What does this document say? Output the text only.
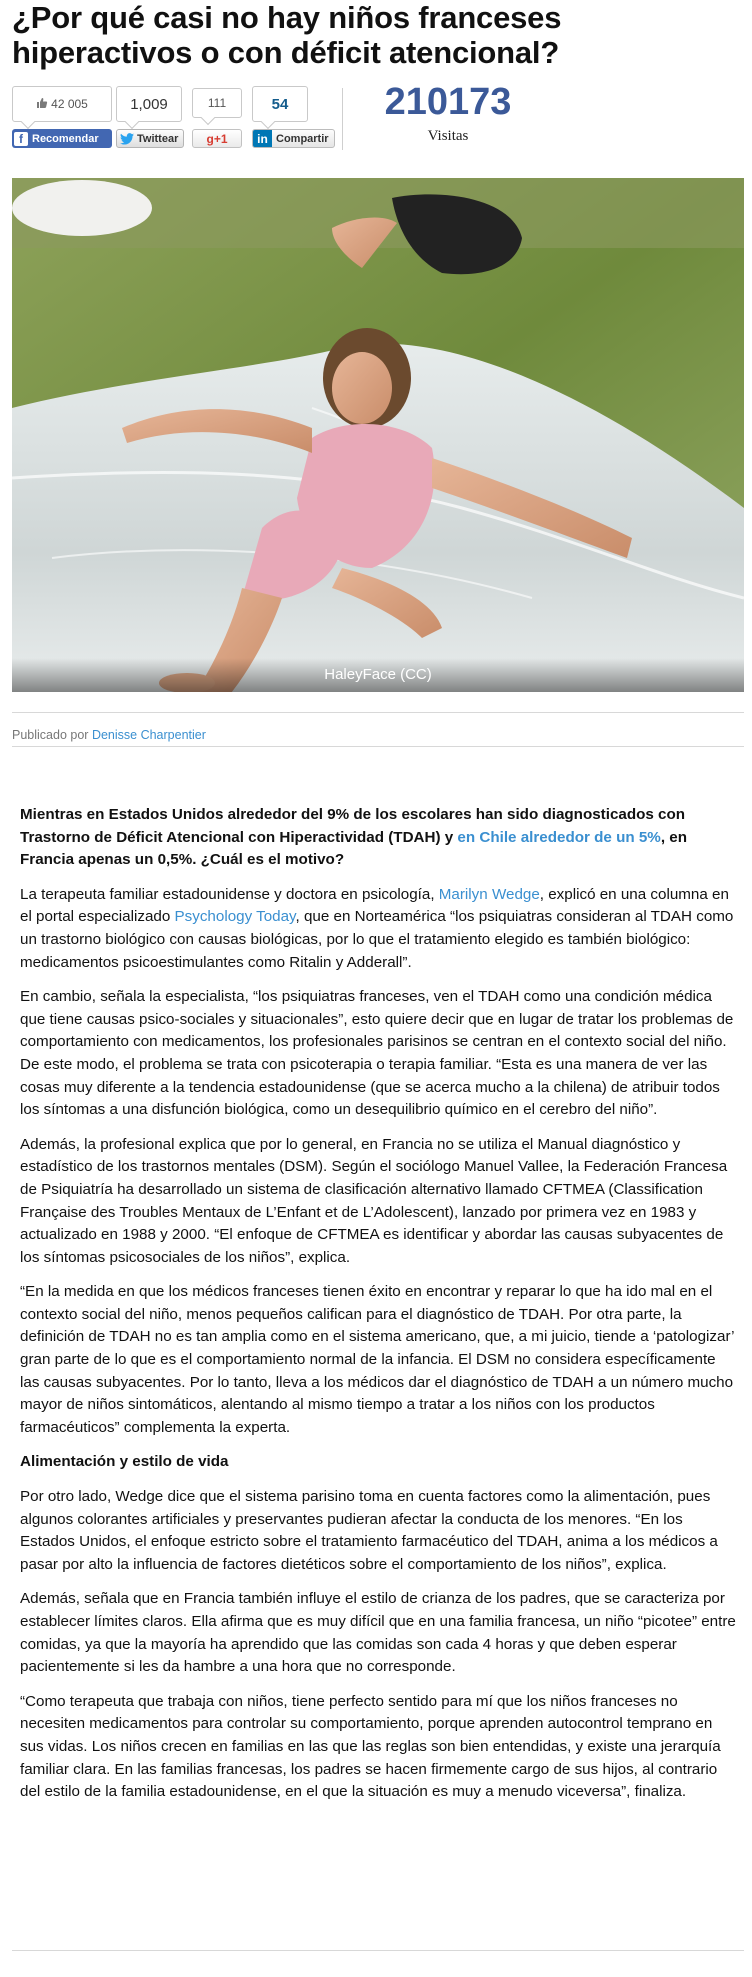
¿Por qué casi no hay niños franceses hiperactivos o con déficit atencional?
42 005
f Recomendar
1,009
Twittear
111
g+1
54
in Compartir
210173
Visitas
HaleyFace (CC)
Publicado por Denisse Charpentier

Mientras en Estados Unidos alrededor del 9% de los escolares han sido diagnosticados con Trastorno de Déficit Atencional con Hiperactividad (TDAH) y en Chile alrededor de un 5%, en Francia apenas un 0,5%. ¿Cuál es el motivo?

La terapeuta familiar estadounidense y doctora en psicología, Marilyn Wedge, explicó en una columna en el portal especializado Psychology Today, que en Norteamérica “los psiquiatras consideran al TDAH como un trastorno biológico con causas biológicas, por lo que el tratamiento elegido es también biológico: medicamentos psicoestimulantes como Ritalin y Adderall”.

En cambio, señala la especialista, “los psiquiatras franceses, ven el TDAH como una condición médica que tiene causas psico-sociales y situacionales”, esto quiere decir que en lugar de tratar los problemas de comportamiento con medicamentos, los profesionales parisinos se centran en el contexto social del niño. De este modo, el problema se trata con psicoterapia o terapia familiar. “Esta es una manera de ver las cosas muy diferente a la tendencia estadounidense (que se acerca mucho a la chilena) de atribuir todos los síntomas a una disfunción biológica, como un desequilibrio químico en el cerebro del niño”.

Además, la profesional explica que por lo general, en Francia no se utiliza el Manual diagnóstico y estadístico de los trastornos mentales (DSM). Según el sociólogo Manuel Vallee, la Federación Francesa de Psiquiatría ha desarrollado un sistema de clasificación alternativo llamado CFTMEA (Classification Française des Troubles Mentaux de L’Enfant et de L’Adolescent), lanzado por primera vez en 1983 y actualizado en 1988 y 2000. “El enfoque de CFTMEA es identificar y abordar las causas subyacentes de los síntomas psicosociales de los niños”, explica.

“En la medida en que los médicos franceses tienen éxito en encontrar y reparar lo que ha ido mal en el contexto social del niño, menos pequeños califican para el diagnóstico de TDAH. Por otra parte, la definición de TDAH no es tan amplia como en el sistema americano, que, a mi juicio, tiende a ‘patologizar’ gran parte de lo que es el comportamiento normal de la infancia. El DSM no considera específicamente las causas subyacentes. Por lo tanto, lleva a los médicos dar el diagnóstico de TDAH a un número mucho mayor de niños sintomáticos, alentando al mismo tiempo a tratar a los niños con los productos farmacéuticos” complementa la experta.

Alimentación y estilo de vida

Por otro lado, Wedge dice que el sistema parisino toma en cuenta factores como la alimentación, pues algunos colorantes artificiales y preservantes pudieran afectar la conducta de los menores. “En los Estados Unidos, el enfoque estricto sobre el tratamiento farmacéutico del TDAH, anima a los médicos a pasar por alto la influencia de factores dietéticos sobre el comportamiento de los niños”, explica.

Además, señala que en Francia también influye el estilo de crianza de los padres, que se caracteriza por establecer límites claros. Ella afirma que es muy difícil que en una familia francesa, un niño “picotee” entre comidas, ya que la mayoría ha aprendido que las comidas son cada 4 horas y que deben esperar pacientemente si les da hambre a una hora que no corresponde.

“Como terapeuta que trabaja con niños, tiene perfecto sentido para mí que los niños franceses no necesiten medicamentos para controlar su comportamiento, porque aprenden autocontrol temprano en sus vidas. Los niños crecen en familias en las que las reglas son bien entendidas, y existe una jerarquía familiar clara. En las familias francesas, los padres se hacen firmemente cargo de sus hijos, al contrario del estilo de la familia estadounidense, en el que la situación es muy a menudo viceversa”, finaliza.
